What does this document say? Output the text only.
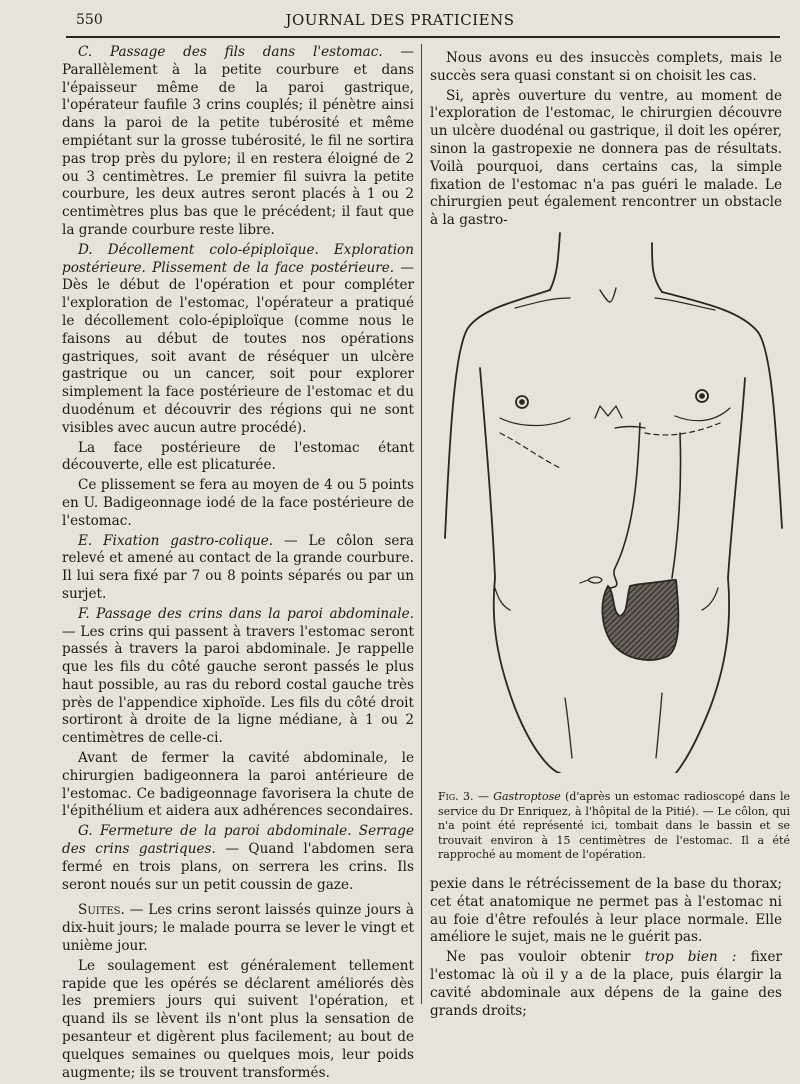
550	JOURNAL DES PRATICIENS

C. Passage des fils dans l'estomac. — Parallèlement à la petite courbure et dans l'épaisseur même de la paroi gastrique, l'opérateur faufile 3 crins couplés; il pénètre ainsi dans la paroi de la petite tubérosité et même empiétant sur la grosse tubérosité, le fil ne sortira pas trop près du pylore; il en restera éloigné de 2 ou 3 centimètres. Le premier fil suivra la petite courbure, les deux autres seront placés à 1 ou 2 centimètres plus bas que le précédent; il faut que la grande courbure reste libre.

D. Décollement colo-épiploïque. Exploration postérieure. Plissement de la face postérieure. — Dès le début de l'opération et pour compléter l'exploration de l'estomac, l'opérateur a pratiqué le décollement colo-épiploïque (comme nous le faisons au début de toutes nos opérations gastriques, soit avant de réséquer un ulcère gastrique ou un cancer, soit pour explorer simplement la face postérieure de l'estomac et du duodénum et découvrir des régions qui ne sont visibles avec aucun autre procédé).

La face postérieure de l'estomac étant découverte, elle est plicaturée.

Ce plissement se fera au moyen de 4 ou 5 points en U. Badigeonnage iodé de la face postérieure de l'estomac.

E. Fixation gastro-colique. — Le côlon sera relevé et amené au contact de la grande courbure. Il lui sera fixé par 7 ou 8 points séparés ou par un surjet.

F. Passage des crins dans la paroi abdominale. — Les crins qui passent à travers l'estomac seront passés à travers la paroi abdominale. Je rappelle que les fils du côté gauche seront passés le plus haut possible, au ras du rebord costal gauche très près de l'appendice xiphoïde. Les fils du côté droit sortiront à droite de la ligne médiane, à 1 ou 2 centimètres de celle-ci.

Avant de fermer la cavité abdominale, le chirurgien badigeonnera la paroi antérieure de l'estomac. Ce badigeonnage favorisera la chute de l'épithélium et aidera aux adhérences secondaires.

G. Fermeture de la paroi abdominale. Serrage des crins gastriques. — Quand l'abdomen sera fermé en trois plans, on serrera les crins. Ils seront noués sur un petit coussin de gaze.

Suites. — Les crins seront laissés quinze jours à dix-huit jours; le malade pourra se lever le vingt et unième jour.

Le soulagement est généralement tellement rapide que les opérés se déclarent améliorés dès les premiers jours qui suivent l'opération, et quand ils se lèvent ils n'ont plus la sensation de pesanteur et digèrent plus facilement; au bout de quelques semaines ou quelques mois, leur poids augmente; ils se trouvent transformés.

Nous avons eu des insuccès complets, mais le succès sera quasi constant si on choisit les cas.

Si, après ouverture du ventre, au moment de l'exploration de l'estomac, le chirurgien découvre un ulcère duodénal ou gastrique, il doit les opérer, sinon la gastropexie ne donnera pas de résultats. Voilà pourquoi, dans certains cas, la simple fixation de l'estomac n'a pas guéri le malade. Le chirurgien peut également rencontrer un obstacle à la gastro-

Fig. 3. — Gastroptose (d'après un estomac radioscopé dans le service du Dr Enriquez, à l'hôpital de la Pitié). — Le côlon, qui n'a point été représenté ici, tombait dans le bassin et se trouvait environ à 15 centimètres de l'estomac. Il a été rapproché au moment de l'opération.

pexie dans le rétrécissement de la base du thorax; cet état anatomique ne permet pas à l'estomac ni au foie d'être refoulés à leur place normale. Elle améliore le sujet, mais ne le guérit pas.

Ne pas vouloir obtenir trop bien : fixer l'estomac là où il y a de la place, puis élargir la cavité abdominale aux dépens de la gaine des grands droits;
